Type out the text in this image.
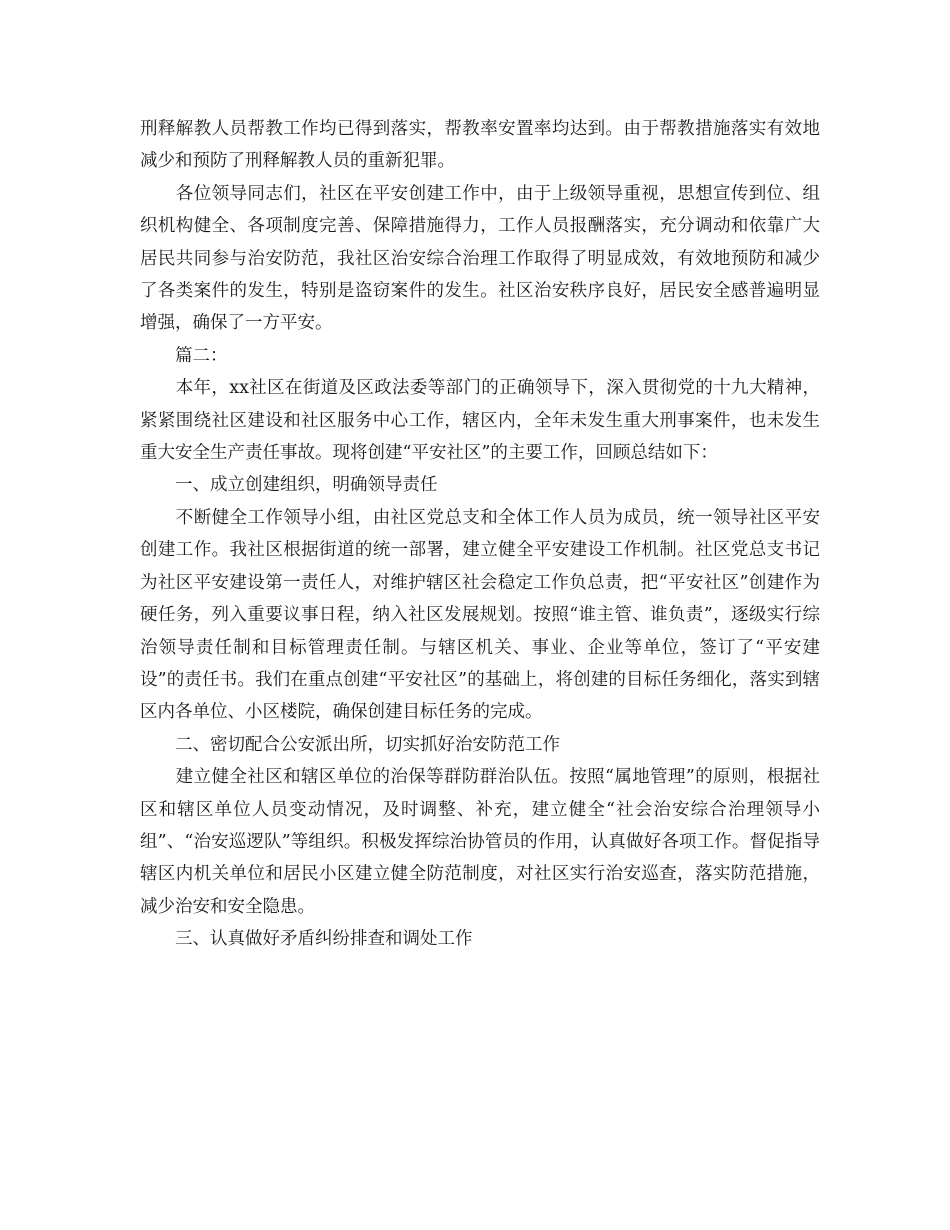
刑释解教人员帮教工作均已得到落实，帮教率安置率均达到。由于帮教措施落实有效地减少和预防了刑释解教人员的重新犯罪。

　　各位领导同志们，社区在平安创建工作中，由于上级领导重视，思想宣传到位、组织机构健全、各项制度完善、保障措施得力，工作人员报酬落实，充分调动和依靠广大居民共同参与治安防范，我社区治安综合治理工作取得了明显成效，有效地预防和减少了各类案件的发生，特别是盗窃案件的发生。社区治安秩序良好，居民安全感普遍明显增强，确保了一方平安。

　　篇二：

　　本年，xx社区在街道及区政法委等部门的正确领导下，深入贯彻党的十九大精神，紧紧围绕社区建设和社区服务中心工作，辖区内，全年未发生重大刑事案件，也未发生重大安全生产责任事故。现将创建“平安社区”的主要工作，回顾总结如下：

　　一、成立创建组织，明确领导责任

　　不断健全工作领导小组，由社区党总支和全体工作人员为成员，统一领导社区平安创建工作。我社区根据街道的统一部署，建立健全平安建设工作机制。社区党总支书记为社区平安建设第一责任人，对维护辖区社会稳定工作负总责，把“平安社区”创建作为硬任务，列入重要议事日程，纳入社区发展规划。按照“谁主管、谁负责”，逐级实行综治领导责任制和目标管理责任制。与辖区机关、事业、企业等单位，签订了“平安建设”的责任书。我们在重点创建“平安社区”的基础上，将创建的目标任务细化，落实到辖区内各单位、小区楼院，确保创建目标任务的完成。

　　二、密切配合公安派出所，切实抓好治安防范工作

　　建立健全社区和辖区单位的治保等群防群治队伍。按照“属地管理”的原则，根据社区和辖区单位人员变动情况，及时调整、补充，建立健全“社会治安综合治理领导小组”、“治安巡逻队”等组织。积极发挥综治协管员的作用，认真做好各项工作。督促指导辖区内机关单位和居民小区建立健全防范制度，对社区实行治安巡查，落实防范措施，减少治安和安全隐患。

　　三、认真做好矛盾纠纷排查和调处工作
